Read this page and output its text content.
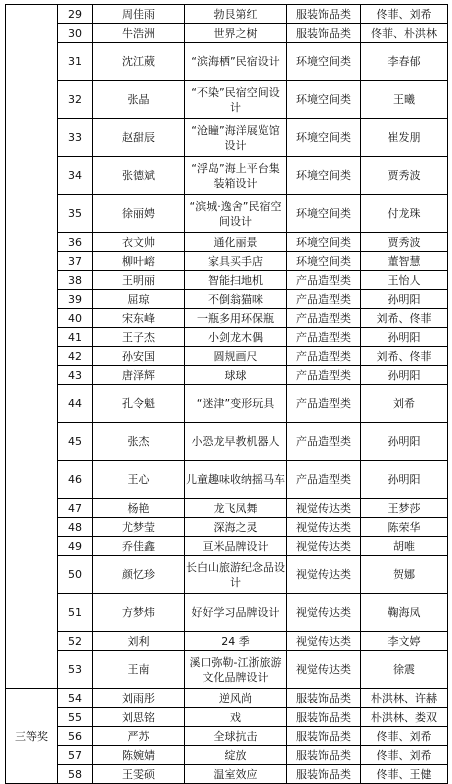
	29	周佳雨	勃艮第红	服装饰品类	佟菲、刘希
	30	牛浩洲	世界之树	服装饰品类	佟菲、朴洪林
	31	沈江葳	“滨海栖”民宿设计	环境空间类	李春郁
	32	张晶	“不染”民宿空间设计	环境空间类	王曦
	33	赵甜辰	“沧瞳”海洋展览馆设计	环境空间类	崔发朋
	34	张德斌	“浮岛”海上平台集装箱设计	环境空间类	贾秀波
	35	徐丽娉	“滨城·逸舍”民宿空间设计	环境空间类	付龙珠
	36	衣文帅	通化丽景	环境空间类	贾秀波
	37	柳叶嵱	家具买手店	环境空间类	董智慧
	38	王明丽	智能扫地机	产品造型类	王怡人
	39	屈琼	不倒翁猫咪	产品造型类	孙明阳
	40	宋东峰	一瓶多用环保瓶	产品造型类	刘希、佟菲
	41	王子杰	小剑龙木偶	产品造型类	孙明阳
	42	孙安国	圆规画尺	产品造型类	刘希、佟菲
	43	唐泽辉	球球	产品造型类	孙明阳
	44	孔令魁	“迷津”变形玩具	产品造型类	刘希
	45	张杰	小恐龙早教机器人	产品造型类	孙明阳
	46	王心	儿童趣味收纳摇马车	产品造型类	孙明阳
	47	杨艳	龙飞凤舞	视觉传达类	王梦莎
	48	尤梦莹	深海之灵	视觉传达类	陈荣华
	49	乔佳鑫	亘米品牌设计	视觉传达类	胡唯
	50	颜忆珍	长白山旅游纪念品设计	视觉传达类	贺娜
	51	方梦炜	好好学习品牌设计	视觉传达类	鞠海凤
	52	刘利	24 季	视觉传达类	李文婷
	53	王南	溪口弥勒-江浙旅游文化品牌设计	视觉传达类	徐震
三等奖	54	刘雨彤	逆风尚	服装饰品类	朴洪林、许赫
	55	刘思铭	戏	服装饰品类	朴洪林、娄双
	56	严苏	全球抗击	服装饰品类	佟菲、刘希
	57	陈婉婧	绽放	服装饰品类	佟菲、刘希
	58	王雯硕	温室效应	服装饰品类	佟菲、王健
